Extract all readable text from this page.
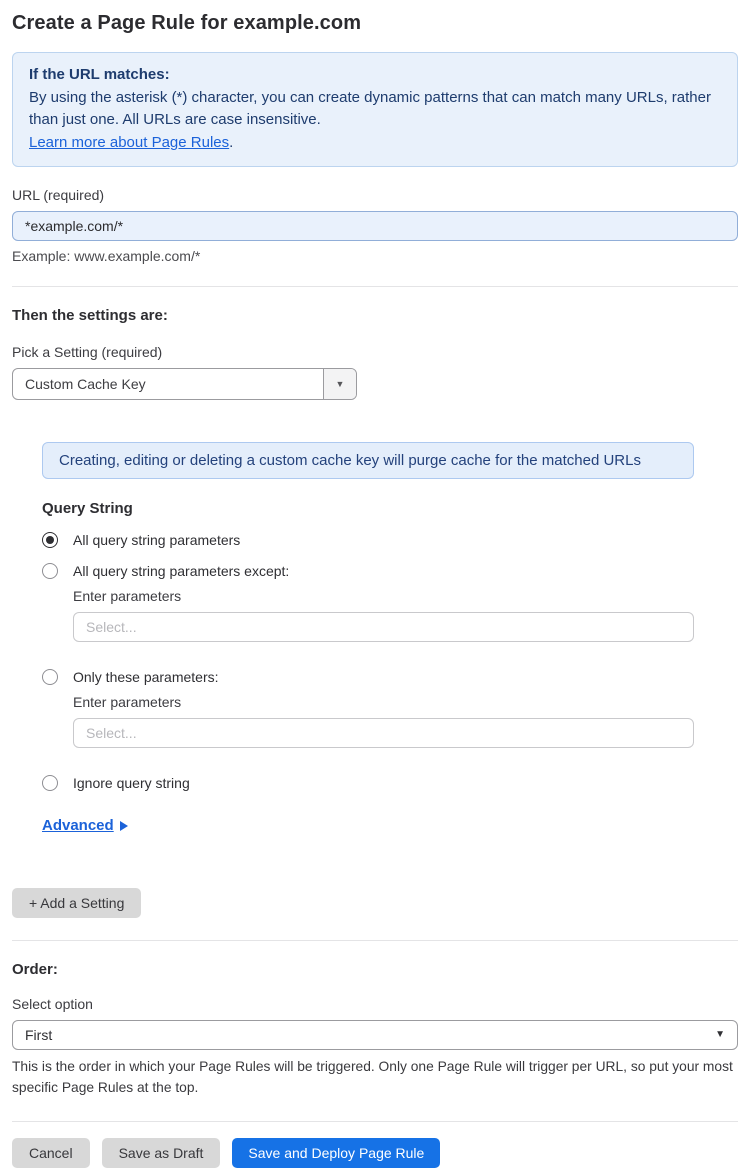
Create a Page Rule for example.com
If the URL matches:
By using the asterisk (*) character, you can create dynamic patterns that can match many URLs, rather than just one. All URLs are case insensitive.
Learn more about Page Rules.
URL (required)
*example.com/*
Example: www.example.com/*
Then the settings are:
Pick a Setting (required)
Custom Cache Key	▼
Creating, editing or deleting a custom cache key will purge cache for the matched URLs
Query String
All query string parameters
All query string parameters except:
Enter parameters
Select...
Only these parameters:
Enter parameters
Select...
Ignore query string
Advanced
+ Add a Setting
Order:
Select option
First	▼
This is the order in which your Page Rules will be triggered. Only one Page Rule will trigger per URL, so put your most specific Page Rules at the top.
Cancel	Save as Draft	Save and Deploy Page Rule
